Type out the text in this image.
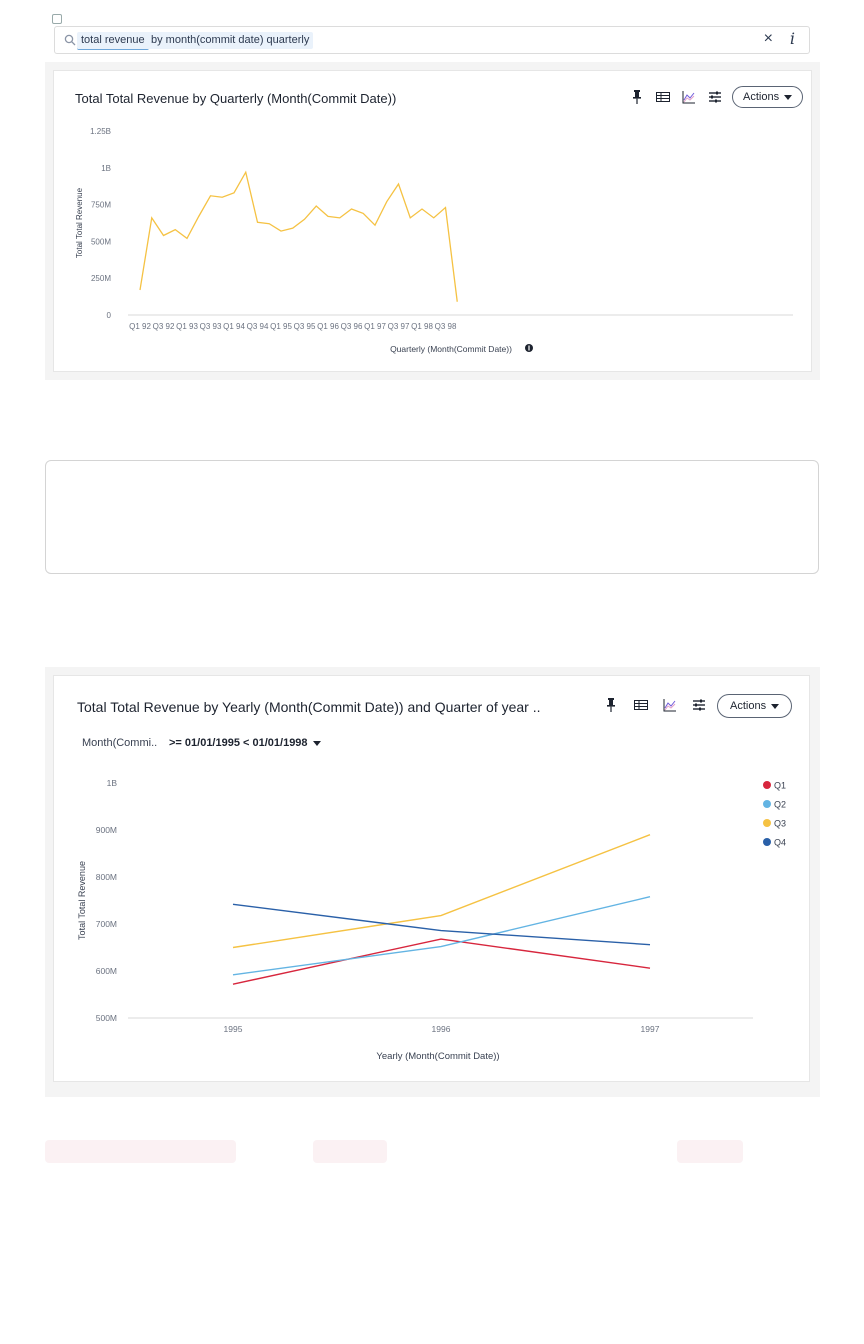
total revenue by month(commit date) quarterly	× i
Total Total Revenue by Quarterly (Month(Commit Date))	Actions
0
250M
500M
750M
1B
1.25B
Q1 92 Q3 92 Q1 93 Q3 93 Q1 94 Q3 94 Q1 95 Q3 95 Q1 96 Q3 96 Q1 97 Q3 97 Q1 98 Q3 98
Total Total Revenue
Quarterly (Month(Commit Date))
Total Total Revenue by Yearly (Month(Commit Date)) and Quarter of year ..	Actions
Month(Commi.. >= 01/01/1995 < 01/01/1998
500M
600M
700M
800M
900M
1B
1995	1996	1997
Total Total Revenue
Yearly (Month(Commit Date))
Q1
Q2
Q3
Q4
